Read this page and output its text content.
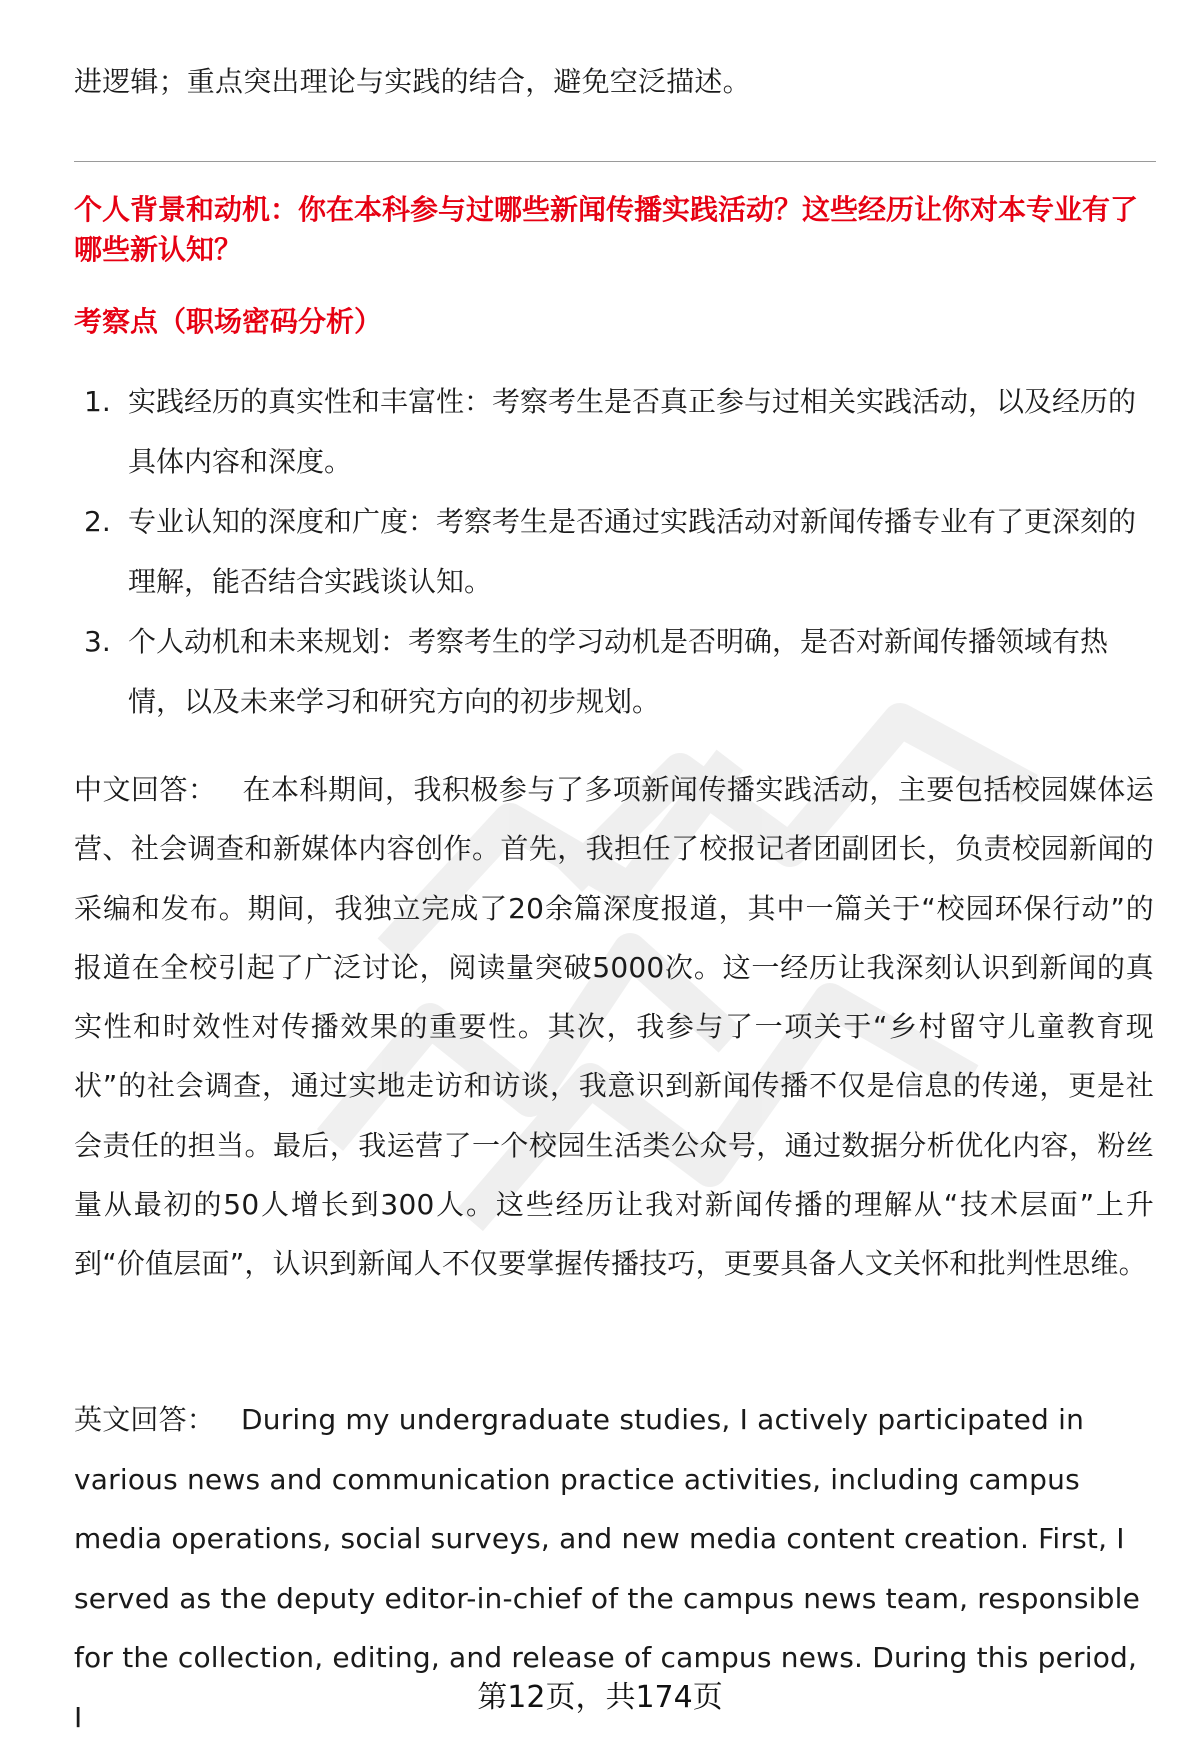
进逻辑；重点突出理论与实践的结合，避免空泛描述。
个人背景和动机：你在本科参与过哪些新闻传播实践活动？这些经历让你对本专业有了哪些新认知？
考察点（职场密码分析）
1. 实践经历的真实性和丰富性：考察考生是否真正参与过相关实践活动，以及经历的具体内容和深度。
2. 专业认知的深度和广度：考察考生是否通过实践活动对新闻传播专业有了更深刻的理解，能否结合实践谈认知。
3. 个人动机和未来规划：考察考生的学习动机是否明确，是否对新闻传播领域有热情，以及未来学习和研究方向的初步规划。
中文回答： 在本科期间，我积极参与了多项新闻传播实践活动，主要包括校园媒体运营、社会调查和新媒体内容创作。首先，我担任了校报记者团副团长，负责校园新闻的采编和发布。期间，我独立完成了20余篇深度报道，其中一篇关于“校园环保行动”的报道在全校引起了广泛讨论，阅读量突破5000次。这一经历让我深刻认识到新闻的真实性和时效性对传播效果的重要性。其次，我参与了一项关于“乡村留守儿童教育现状”的社会调查，通过实地走访和访谈，我意识到新闻传播不仅是信息的传递，更是社会责任的担当。最后，我运营了一个校园生活类公众号，通过数据分析优化内容，粉丝量从最初的50人增长到300人。这些经历让我对新闻传播的理解从“技术层面”上升到“价值层面”，认识到新闻人不仅要掌握传播技巧，更要具备人文关怀和批判性思维。
英文回答： During my undergraduate studies, I actively participated in various news and communication practice activities, including campus media operations, social surveys, and new media content creation. First, I served as the deputy editor-in-chief of the campus news team, responsible for the collection, editing, and release of campus news. During this period, I
第12页，共174页
